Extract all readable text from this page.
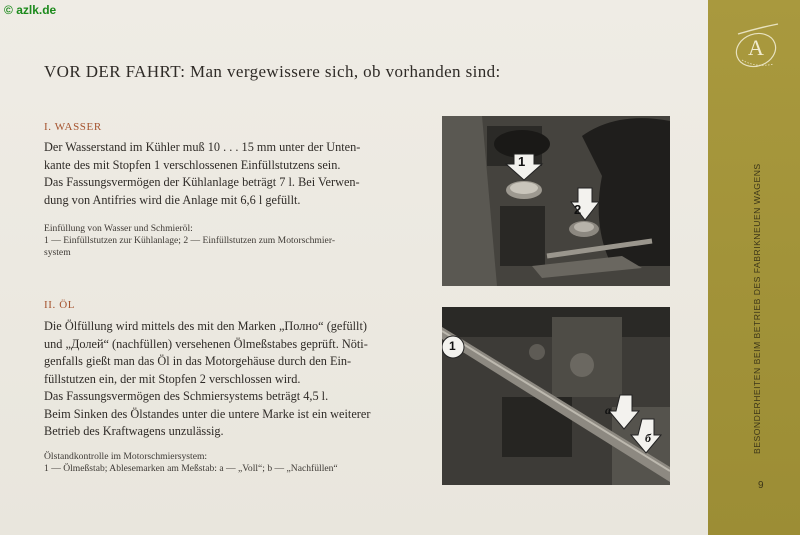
© azlk.de
VOR DER FAHRT: Man vergewissere sich, ob vorhanden sind:
I. WASSER

Der Wasserstand im Kühler muß 10 . . . 15 mm unter der Unten-

kante des mit Stopfen 1 verschlossenen Einfüllstutzens sein.

Das Fassungsvermögen der Kühlanlage beträgt 7 l. Bei Verwen-

dung von Antifries wird die Anlage mit 6,6 l gefüllt.

Einfüllung von Wasser und Schmieröl:

1 — Einfüllstutzen zur Kühlanlage; 2 — Einfüllstutzen zum Motorschmier-

system

1
2
II. ÖL

Die Ölfüllung wird mittels des mit den Marken „Полно“ (gefüllt)

und „Долей“ (nachfüllen) versehenen Ölmeßstabes geprüft. Nöti-

genfalls gießt man das Öl in das Motorgehäuse durch den Ein-

füllstutzen ein, der mit Stopfen 2 verschlossen wird.

Das Fassungsvermögen des Schmiersystems beträgt 4,5 l.

Beim Sinken des Ölstandes unter die untere Marke ist ein weiterer

Betrieb des Kraftwagens unzulässig.

Ölstandkontrolle im Motorschmiersystem:

1 — Ölmeßstab; Ablesemarken am Meßstab: a — „Voll“; b — „Nachfüllen“

1
a
б
A
BESONDERHEITEN BEIM BETRIEB DES FABRIKNEUEN WAGENS
9
